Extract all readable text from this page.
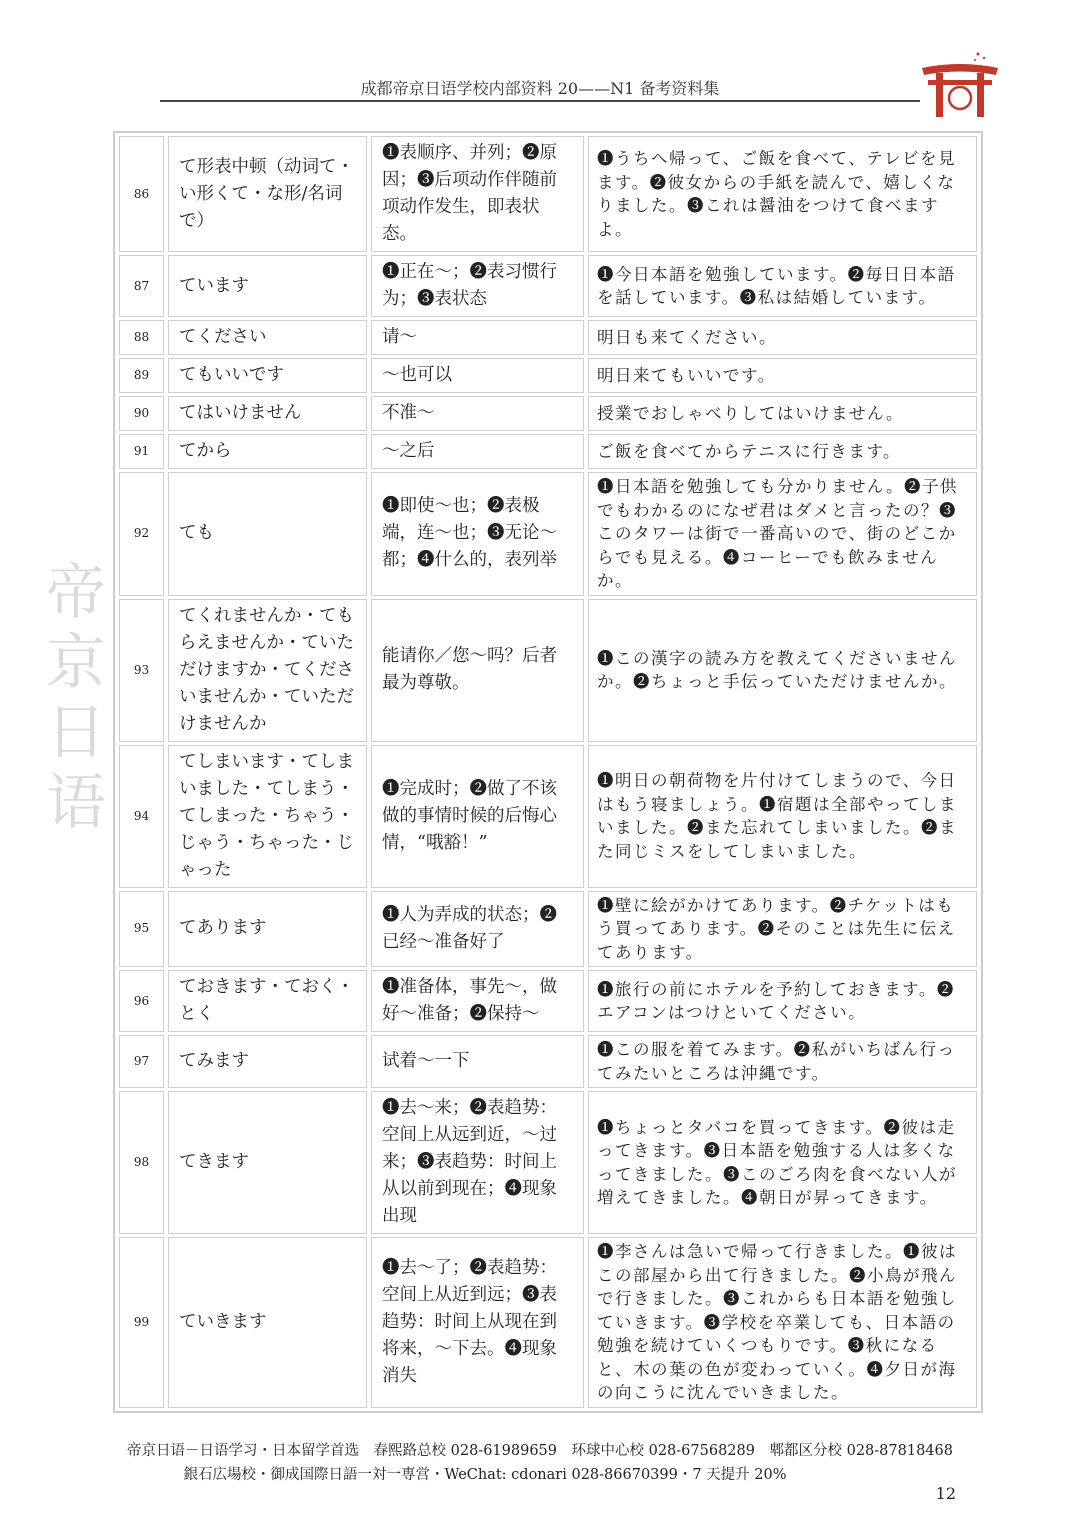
成都帝京日语学校内部资料 20——N1 备考资料集
帝京日语
86	て形表中顿（动词て・い形くて・な形/名词で）	❶表顺序、并列；❷原因；❸后项动作伴随前项动作发生，即表状态。	❶うちへ帰って、ご飯を食べて、テレビを見ます。❷彼女からの手紙を読んで、嬉しくなりました。❸これは醤油をつけて食べますよ。
87	ています	❶正在～；❷表习惯行为；❸表状态	❶今日本語を勉強しています。❷毎日日本語を話しています。❸私は結婚しています。
88	てください	请～	明日も来てください。
89	てもいいです	～也可以	明日来てもいいです。
90	てはいけません	不准～	授業でおしゃべりしてはいけません。
91	てから	～之后	ご飯を食べてからテニスに行きます。
92	ても	❶即使～也；❷表极端，连～也；❸无论～都；❹什么的，表列举	❶日本語を勉強しても分かりません。❷子供でもわかるのになぜ君はダメと言ったの？❸このタワーは街で一番高いので、街のどこからでも見える。❹コーヒーでも飲みませんか。
93	てくれませんか・てもらえませんか・ていただけますか・てくださいませんか・ていただけませんか	能请你／您～吗？后者最为尊敬。	❶この漢字の読み方を教えてくださいませんか。❷ちょっと手伝っていただけませんか。
94	てしまいます・てしまいました・てしまう・てしまった・ちゃう・じゃう・ちゃった・じゃった	❶完成时；❷做了不该做的事情时候的后悔心情，“哦豁！”	❶明日の朝荷物を片付けてしまうので、今日はもう寝ましょう。❶宿題は全部やってしまいました。❷また忘れてしまいました。❷また同じミスをしてしまいました。
95	てあります	❶人为弄成的状态；❷已经～准备好了	❶壁に絵がかけてあります。❷チケットはもう買ってあります。❷そのことは先生に伝えてあります。
96	ておきます・ておく・とく	❶准备体，事先～，做好～准备；❷保持～	❶旅行の前にホテルを予約しておきます。❷エアコンはつけといてください。
97	てみます	试着～一下	❶この服を着てみます。❷私がいちばん行ってみたいところは沖縄です。
98	てきます	❶去～来；❷表趋势：空间上从远到近，～过来；❸表趋势：时间上从以前到现在；❹现象出现	❶ちょっとタバコを買ってきます。❷彼は走ってきます。❸日本語を勉強する人は多くなってきました。❸このごろ肉を食べない人が増えてきました。❹朝日が昇ってきます。
99	ていきます	❶去～了；❷表趋势：空间上从近到远；❸表趋势：时间上从现在到将来，～下去。❹现象消失	❶李さんは急いで帰って行きました。❶彼はこの部屋から出て行きました。❷小鳥が飛んで行きました。❸これからも日本語を勉強していきます。❸学校を卒業しても、日本語の勉強を続けていくつもりです。❸秋になると、木の葉の色が変わっていく。❹夕日が海の向こうに沈んでいきました。
帝京日语－日语学习・日本留学首选　春熙路总校 028-61989659　环球中心校 028-67568289　郫都区分校 028-87818468
銀石広場校・御成国際日語一対一専営・WeChat: cdonari 028-86670399・7 天提升 20%
12
